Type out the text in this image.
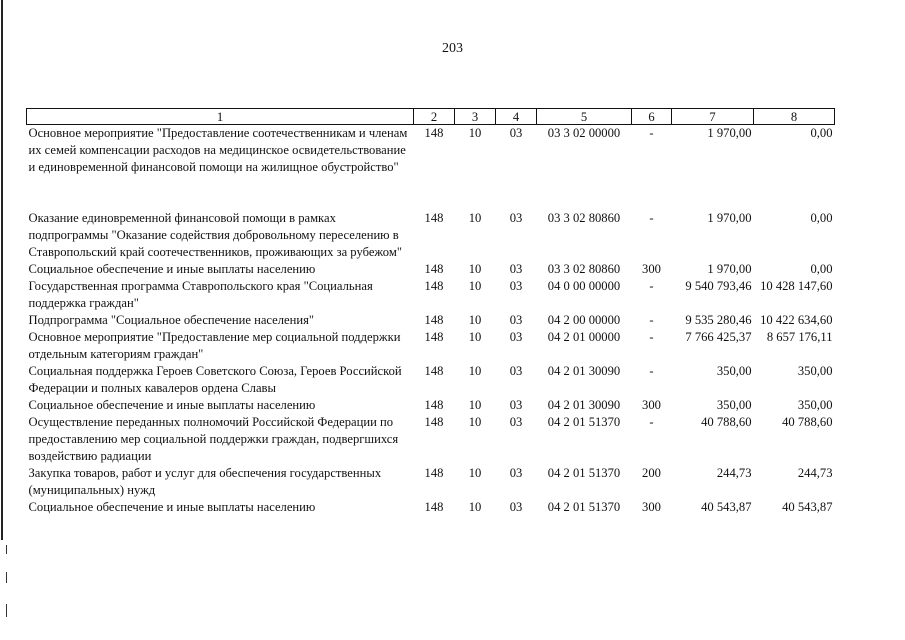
203
1	2	3	4	5	6	7	8
Основное мероприятие "Предоставление соотечественникам и членам их семей компенсации расходов на медицинское освидетельствование и единовременной финансовой помощи на жилищное обустройство"	148	10	03	03 3 02 00000	-	1 970,00	0,00
Оказание единовременной финансовой помощи в рамках подпрограммы "Оказание содействия добровольному переселению в Ставропольский край соотечественников, проживающих за рубежом"	148	10	03	03 3 02 80860	-	1 970,00	0,00
Социальное обеспечение и иные выплаты населению	148	10	03	03 3 02 80860	300	1 970,00	0,00
Государственная программа Ставропольского края "Социальная поддержка граждан"	148	10	03	04 0 00 00000	-	9 540 793,46	10 428 147,60
Подпрограмма "Социальное обеспечение населения"	148	10	03	04 2 00 00000	-	9 535 280,46	10 422 634,60
Основное мероприятие "Предоставление мер социальной поддержки отдельным категориям граждан"	148	10	03	04 2 01 00000	-	7 766 425,37	8 657 176,11
Социальная поддержка Героев Советского Союза, Героев Российской Федерации и полных кавалеров ордена Славы	148	10	03	04 2 01 30090	-	350,00	350,00
Социальное обеспечение и иные выплаты населению	148	10	03	04 2 01 30090	300	350,00	350,00
Осуществление переданных полномочий Российской Федерации по предоставлению мер социальной поддержки граждан, подвергшихся воздействию радиации	148	10	03	04 2 01 51370	-	40 788,60	40 788,60
Закупка товаров, работ и услуг для обеспечения государственных (муниципальных) нужд	148	10	03	04 2 01 51370	200	244,73	244,73
Социальное обеспечение и иные выплаты населению	148	10	03	04 2 01 51370	300	40 543,87	40 543,87
